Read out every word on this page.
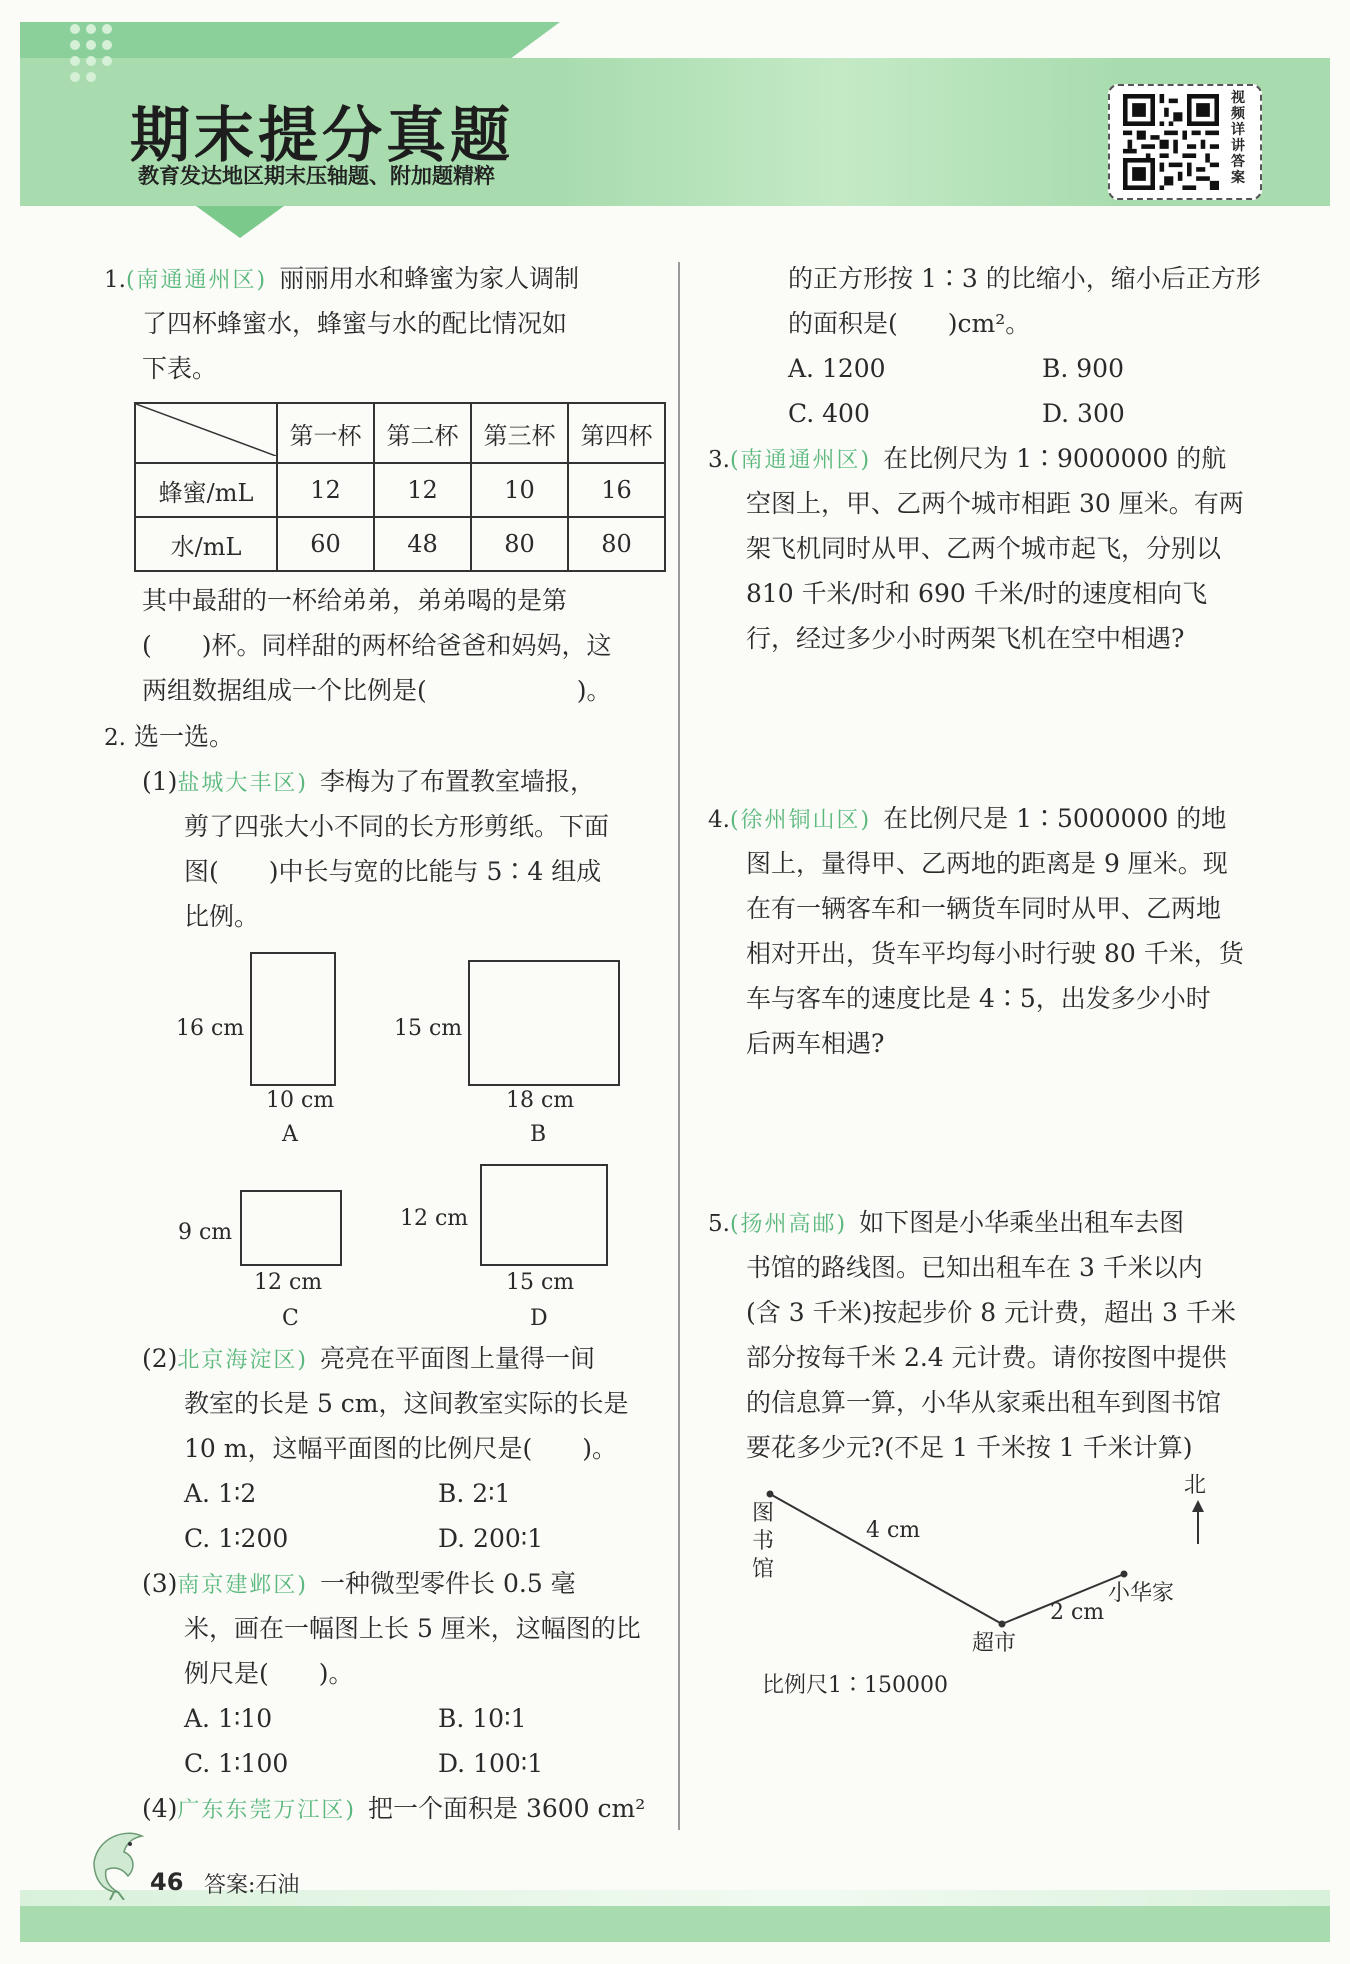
期末提分真题
教育发达地区期末压轴题、附加题精粹
视频详讲答案
1.(南通通州区) 丽丽用水和蜂蜜为家人调制
了四杯蜂蜜水，蜂蜜与水的配比情况如
下表。
	第一杯	第二杯	第三杯	第四杯
蜂蜜/mL	12	12	10	16
水/mL	60	48	80	80
其中最甜的一杯给弟弟，弟弟喝的是第
(　　)杯。同样甜的两杯给爸爸和妈妈，这
两组数据组成一个比例是(　　　　　　)。
2. 选一选。
(1)盐城大丰区) 李梅为了布置教室墙报，
剪了四张大小不同的长方形剪纸。下面
图(　　)中长与宽的比能与 5∶4 组成
比例。
16 cm
10 cm
A
15 cm
18 cm
B
9 cm
12 cm
C
12 cm
15 cm
D
(2)北京海淀区) 亮亮在平面图上量得一间
教室的长是 5 cm，这间教室实际的长是
10 m，这幅平面图的比例尺是(　　)。
A. 1∶2	B. 2∶1
C. 1∶200	D. 200∶1
(3)南京建邺区) 一种微型零件长 0.5 毫
米，画在一幅图上长 5 厘米，这幅图的比
例尺是(　　)。
A. 1∶10	B. 10∶1
C. 1∶100	D. 100∶1
(4)广东东莞万江区) 把一个面积是 3600 cm²
的正方形按 1∶3 的比缩小，缩小后正方形
的面积是(　　)cm²。
A. 1200	B. 900
C. 400	D. 300
3.(南通通州区) 在比例尺为 1∶9000000 的航
空图上，甲、乙两个城市相距 30 厘米。有两
架飞机同时从甲、乙两个城市起飞，分别以
810 千米/时和 690 千米/时的速度相向飞
行，经过多少小时两架飞机在空中相遇?
4.(徐州铜山区) 在比例尺是 1∶5000000 的地
图上，量得甲、乙两地的距离是 9 厘米。现
在有一辆客车和一辆货车同时从甲、乙两地
相对开出，货车平均每小时行驶 80 千米，货
车与客车的速度比是 4∶5，出发多少小时
后两车相遇?
5.(扬州高邮) 如下图是小华乘坐出租车去图
书馆的路线图。已知出租车在 3 千米以内
(含 3 千米)按起步价 8 元计费，超出 3 千米
部分按每千米 2.4 元计费。请你按图中提供
的信息算一算，小华从家乘出租车到图书馆
要花多少元?(不足 1 千米按 1 千米计算)
北
图书馆
4 cm
2 cm
小华家
超市
比例尺1∶150000
46 答案:石油
